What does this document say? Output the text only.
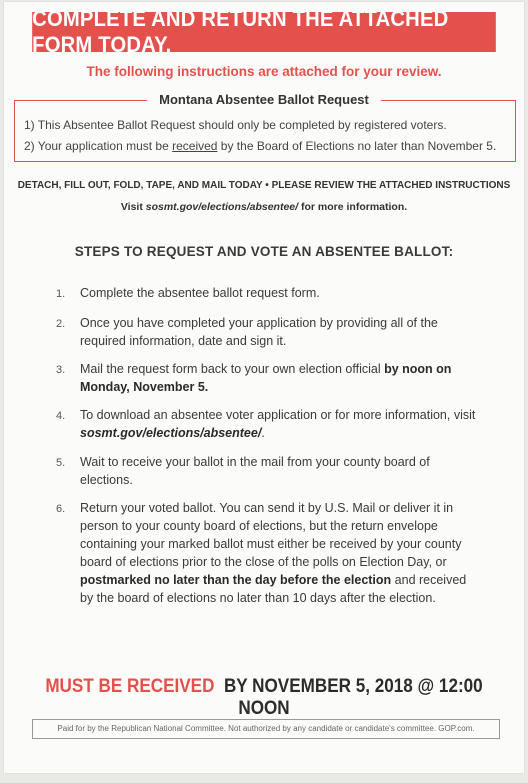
COMPLETE AND RETURN THE ATTACHED FORM TODAY.
The following instructions are attached for your review.
Montana Absentee Ballot Request
1) This Absentee Ballot Request should only be completed by registered voters.
2) Your application must be received by the Board of Elections no later than November 5.
DETACH, FILL OUT, FOLD, TAPE, AND MAIL TODAY • PLEASE REVIEW THE ATTACHED INSTRUCTIONS
Visit sosmt.gov/elections/absentee/ for more information.
STEPS TO REQUEST AND VOTE AN ABSENTEE BALLOT:
1. Complete the absentee ballot request form.
2. Once you have completed your application by providing all of the required information, date and sign it.
3. Mail the request form back to your own election official by noon on Monday, November 5.
4. To download an absentee voter application or for more information, visit sosmt.gov/elections/absentee/.
5. Wait to receive your ballot in the mail from your county board of elections.
6. Return your voted ballot. You can send it by U.S. Mail or deliver it in person to your county board of elections, but the return envelope containing your marked ballot must either be received by your county board of elections prior to the close of the polls on Election Day, or postmarked no later than the day before the election and received by the board of elections no later than 10 days after the election.
MUST BE RECEIVED BY NOVEMBER 5, 2018 @ 12:00 NOON
Paid for by the Republican National Committee. Not authorized by any candidate or candidate's committee. GOP.com.
